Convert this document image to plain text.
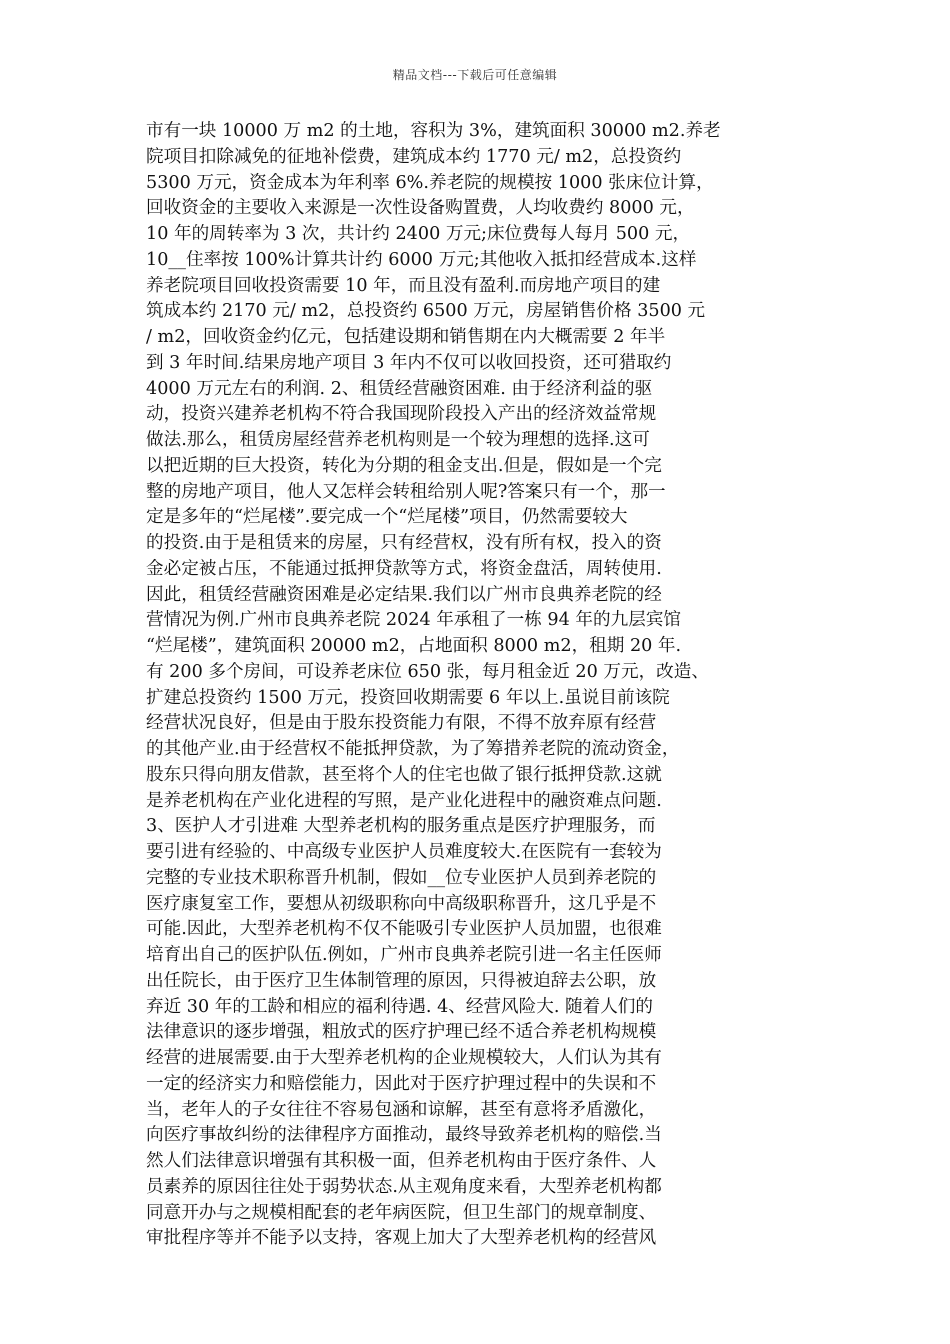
精品文档---下载后可任意编辑
市有一块 10000 万 m2 的土地，容积为 3%，建筑面积 30000 m2.养老
院项目扣除减免的征地补偿费，建筑成本约 1770 元/ m2，总投资约
5300 万元，资金成本为年利率 6%.养老院的规模按 1000 张床位计算，
回收资金的主要收入来源是一次性设备购置费，人均收费约 8000 元，
10 年的周转率为 3 次，共计约 2400 万元;床位费每人每月 500 元，
10__住率按 100%计算共计约 6000 万元;其他收入抵扣经营成本.这样
养老院项目回收投资需要 10 年，而且没有盈利.而房地产项目的建
筑成本约 2170 元/ m2，总投资约 6500 万元，房屋销售价格 3500 元
/ m2，回收资金约亿元，包括建设期和销售期在内大概需要 2 年半
到 3 年时间.结果房地产项目 3 年内不仅可以收回投资，还可猎取约
4000 万元左右的利润. 2、租赁经营融资困难. 由于经济利益的驱
动，投资兴建养老机构不符合我国现阶段投入产出的经济效益常规
做法.那么，租赁房屋经营养老机构则是一个较为理想的选择.这可
以把近期的巨大投资，转化为分期的租金支出.但是，假如是一个完
整的房地产项目，他人又怎样会转租给别人呢?答案只有一个，那一
定是多年的“烂尾楼”.要完成一个“烂尾楼”项目，仍然需要较大
的投资.由于是租赁来的房屋，只有经营权，没有所有权，投入的资
金必定被占压，不能通过抵押贷款等方式，将资金盘活，周转使用.
因此，租赁经营融资困难是必定结果.我们以广州市良典养老院的经
营情况为例.广州市良典养老院 2024 年承租了一栋 94 年的九层宾馆
“烂尾楼”，建筑面积 20000 m2，占地面积 8000 m2，租期 20 年.
有 200 多个房间，可设养老床位 650 张，每月租金近 20 万元，改造、
扩建总投资约 1500 万元，投资回收期需要 6 年以上.虽说目前该院
经营状况良好，但是由于股东投资能力有限，不得不放弃原有经营
的其他产业.由于经营权不能抵押贷款，为了筹措养老院的流动资金，
股东只得向朋友借款，甚至将个人的住宅也做了银行抵押贷款.这就
是养老机构在产业化进程的写照，是产业化进程中的融资难点问题.
3、医护人才引进难 大型养老机构的服务重点是医疗护理服务，而
要引进有经验的、中高级专业医护人员难度较大.在医院有一套较为
完整的专业技术职称晋升机制，假如__位专业医护人员到养老院的
医疗康复室工作，要想从初级职称向中高级职称晋升，这几乎是不
可能.因此，大型养老机构不仅不能吸引专业医护人员加盟，也很难
培育出自己的医护队伍.例如，广州市良典养老院引进一名主任医师
出任院长，由于医疗卫生体制管理的原因，只得被迫辞去公职，放
弃近 30 年的工龄和相应的福利待遇. 4、经营风险大. 随着人们的
法律意识的逐步增强，粗放式的医疗护理已经不适合养老机构规模
经营的进展需要.由于大型养老机构的企业规模较大，人们认为其有
一定的经济实力和赔偿能力，因此对于医疗护理过程中的失误和不
当，老年人的子女往往不容易包涵和谅解，甚至有意将矛盾激化，
向医疗事故纠纷的法律程序方面推动，最终导致养老机构的赔偿.当
然人们法律意识增强有其积极一面，但养老机构由于医疗条件、人
员素养的原因往往处于弱势状态.从主观角度来看，大型养老机构都
同意开办与之规模相配套的老年病医院，但卫生部门的规章制度、
审批程序等并不能予以支持，客观上加大了大型养老机构的经营风
